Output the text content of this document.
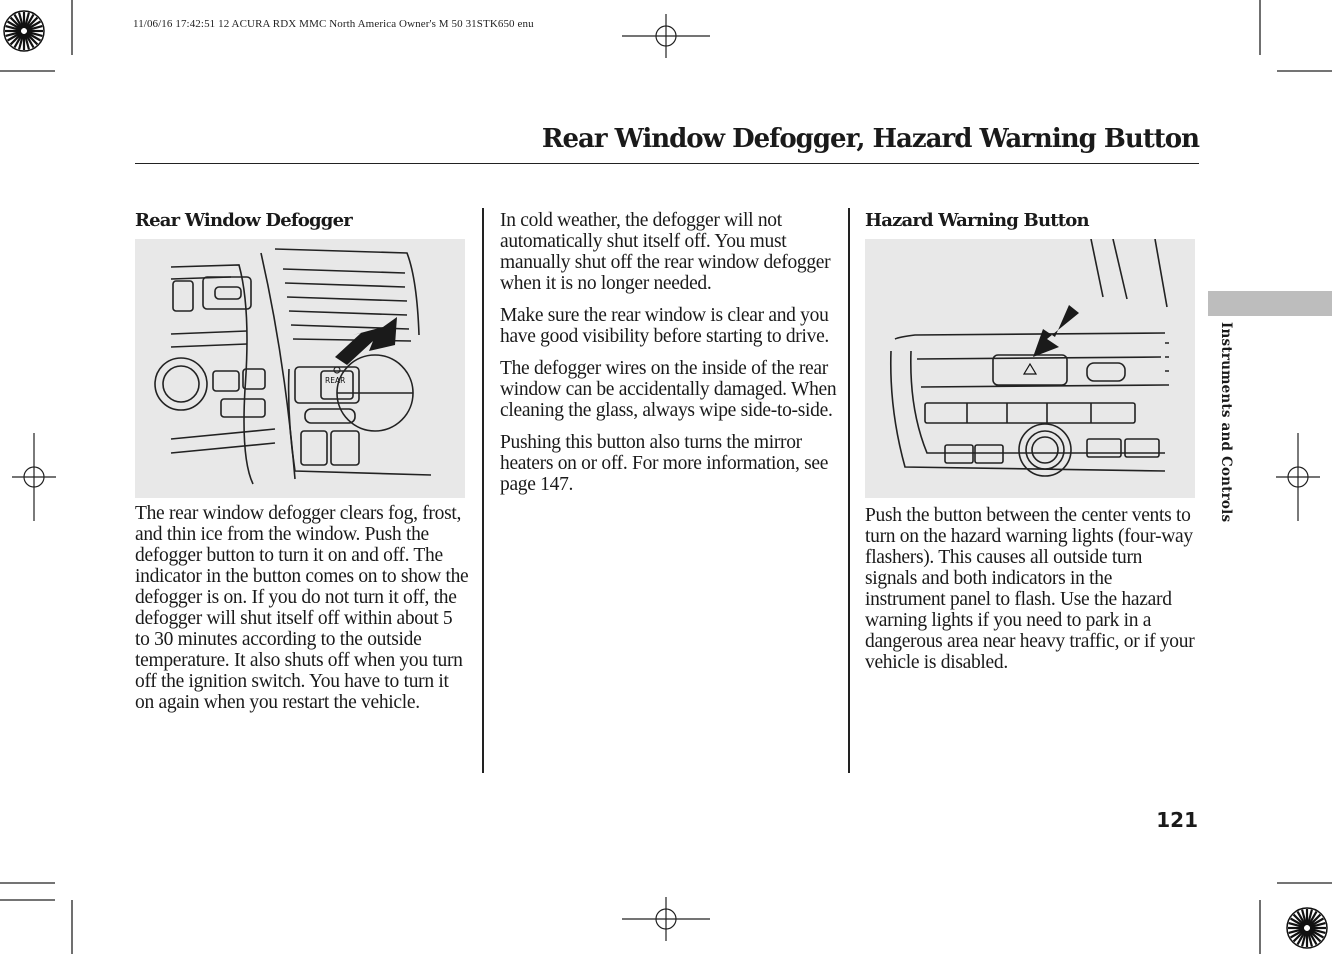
11/06/16 17:42:51 12 ACURA RDX MMC North America Owner's M 50 31STK650 enu
Rear Window Defogger, Hazard Warning Button
Rear Window Defogger
REAR

The rear window defogger clears fog, frost, and thin ice from the window. Push the defogger button to turn it on and off. The indicator in the button comes on to show the defogger is on. If you do not turn it off, the defogger will shut itself off within about 5 to 30 minutes according to the outside temperature. It also shuts off when you turn off the ignition switch. You have to turn it on again when you restart the vehicle.

In cold weather, the defogger will not automatically shut itself off. You must manually shut off the rear window defogger when it is no longer needed.

Make sure the rear window is clear and you have good visibility before starting to drive.

The defogger wires on the inside of the rear window can be accidentally damaged. When cleaning the glass, always wipe side-to-side.

Pushing this button also turns the mirror heaters on or off. For more information, see page 147.

Hazard Warning Button

Push the button between the center vents to turn on the hazard warning lights (four-way flashers). This causes all outside turn signals and both indicators in the instrument panel to flash. Use the hazard warning lights if you need to park in a dangerous area near heavy traffic, or if your vehicle is disabled.

Instruments and Controls
121
